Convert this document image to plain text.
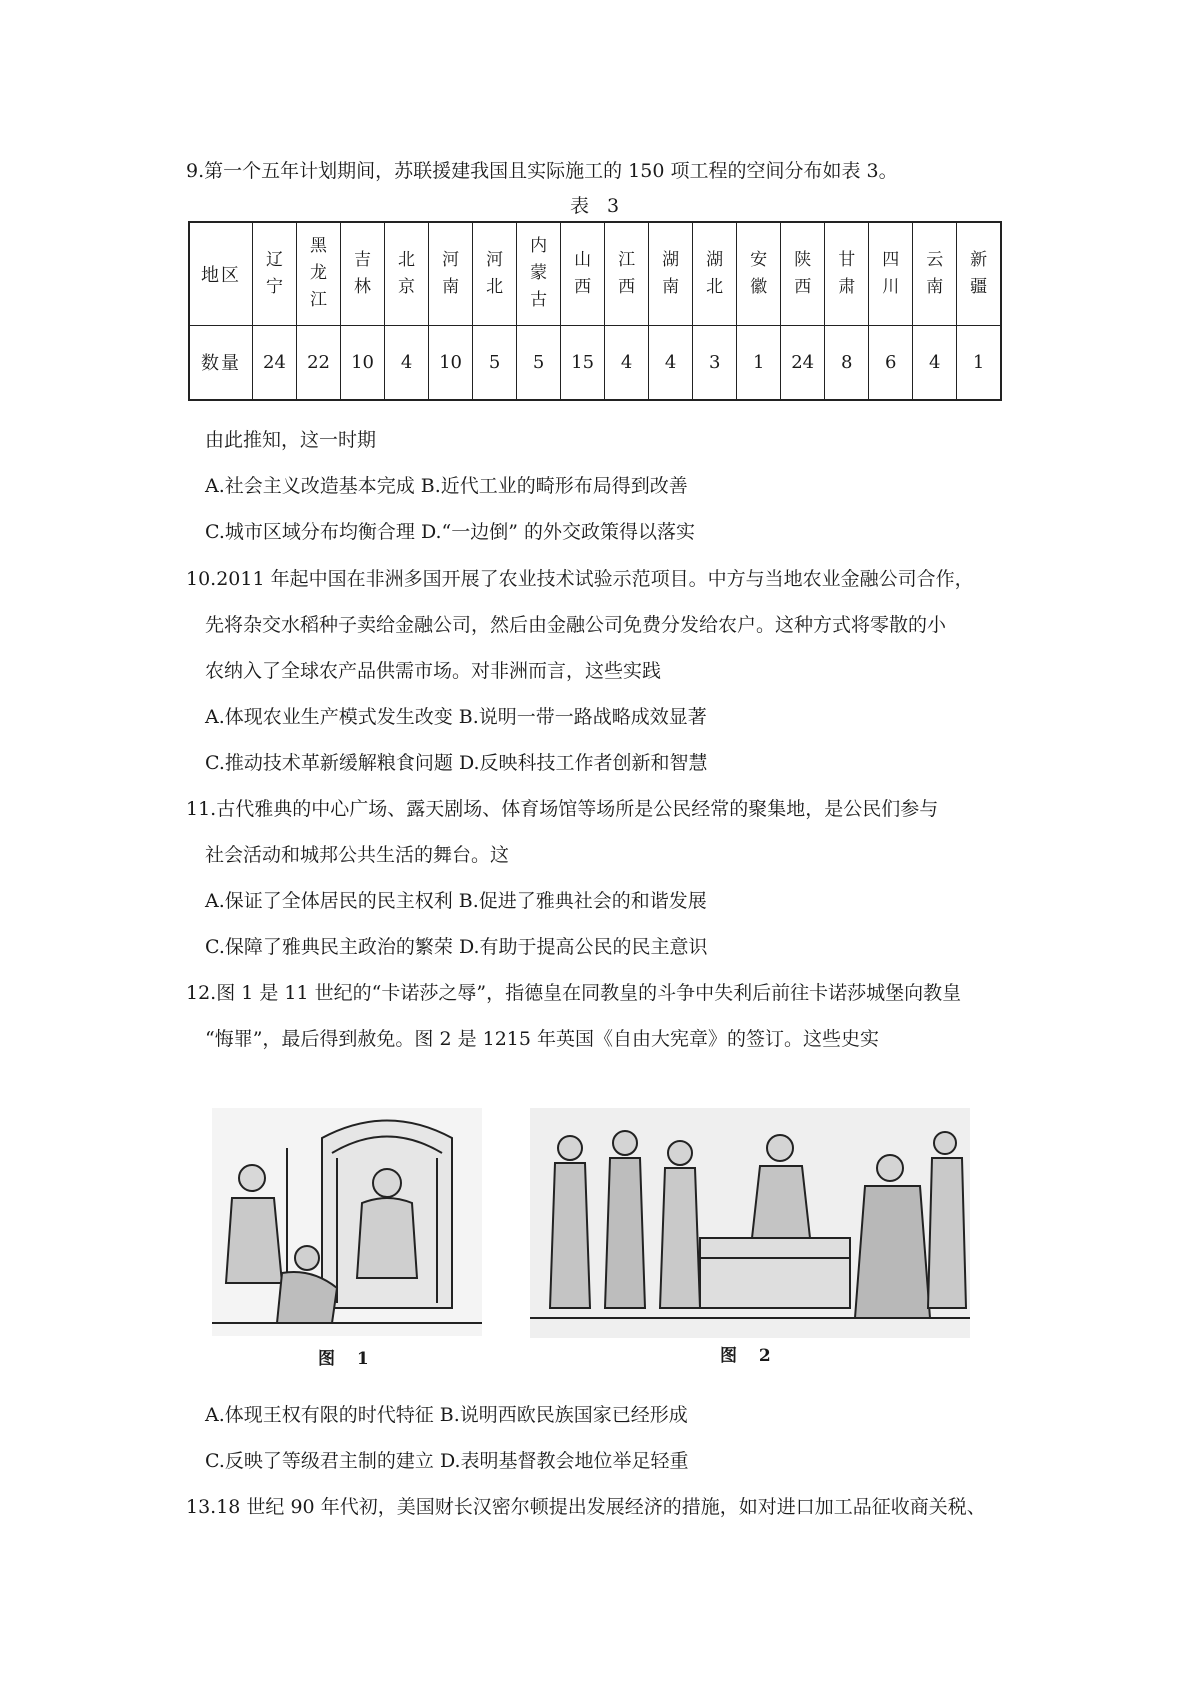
9.第一个五年计划期间，苏联援建我国且实际施工的 150 项工程的空间分布如表 3。
表 3
地区	辽宁	黑龙江	吉林	北京	河南	河北	内蒙古	山西	江西	湖南	湖北	安徽	陕西	甘肃	四川	云南	新疆
数量	24	22	10	4	10	5	5	15	4	4	3	1	24	8	6	4	1
由此推知，这一时期
A.社会主义改造基本完成 B.近代工业的畸形布局得到改善
C.城市区域分布均衡合理 D.“一边倒” 的外交政策得以落实
10.2011 年起中国在非洲多国开展了农业技术试验示范项目。中方与当地农业金融公司合作，
先将杂交水稻种子卖给金融公司，然后由金融公司免费分发给农户。这种方式将零散的小
农纳入了全球农产品供需市场。对非洲而言，这些实践
A.体现农业生产模式发生改变 B.说明一带一路战略成效显著
C.推动技术革新缓解粮食问题 D.反映科技工作者创新和智慧
11.古代雅典的中心广场、露天剧场、体育场馆等场所是公民经常的聚集地，是公民们参与
社会活动和城邦公共生活的舞台。这
A.保证了全体居民的民主权利 B.促进了雅典社会的和谐发展
C.保障了雅典民主政治的繁荣 D.有助于提高公民的民主意识
12.图 1 是 11 世纪的“卡诺莎之辱”，指德皇在同教皇的斗争中失利后前往卡诺莎城堡向教皇
“悔罪”，最后得到赦免。图 2 是 1215 年英国《自由大宪章》的签订。这些史实
图 1	图 2
A.体现王权有限的时代特征 B.说明西欧民族国家已经形成
C.反映了等级君主制的建立 D.表明基督教会地位举足轻重
13.18 世纪 90 年代初，美国财长汉密尔顿提出发展经济的措施，如对进口加工品征收商关税、
